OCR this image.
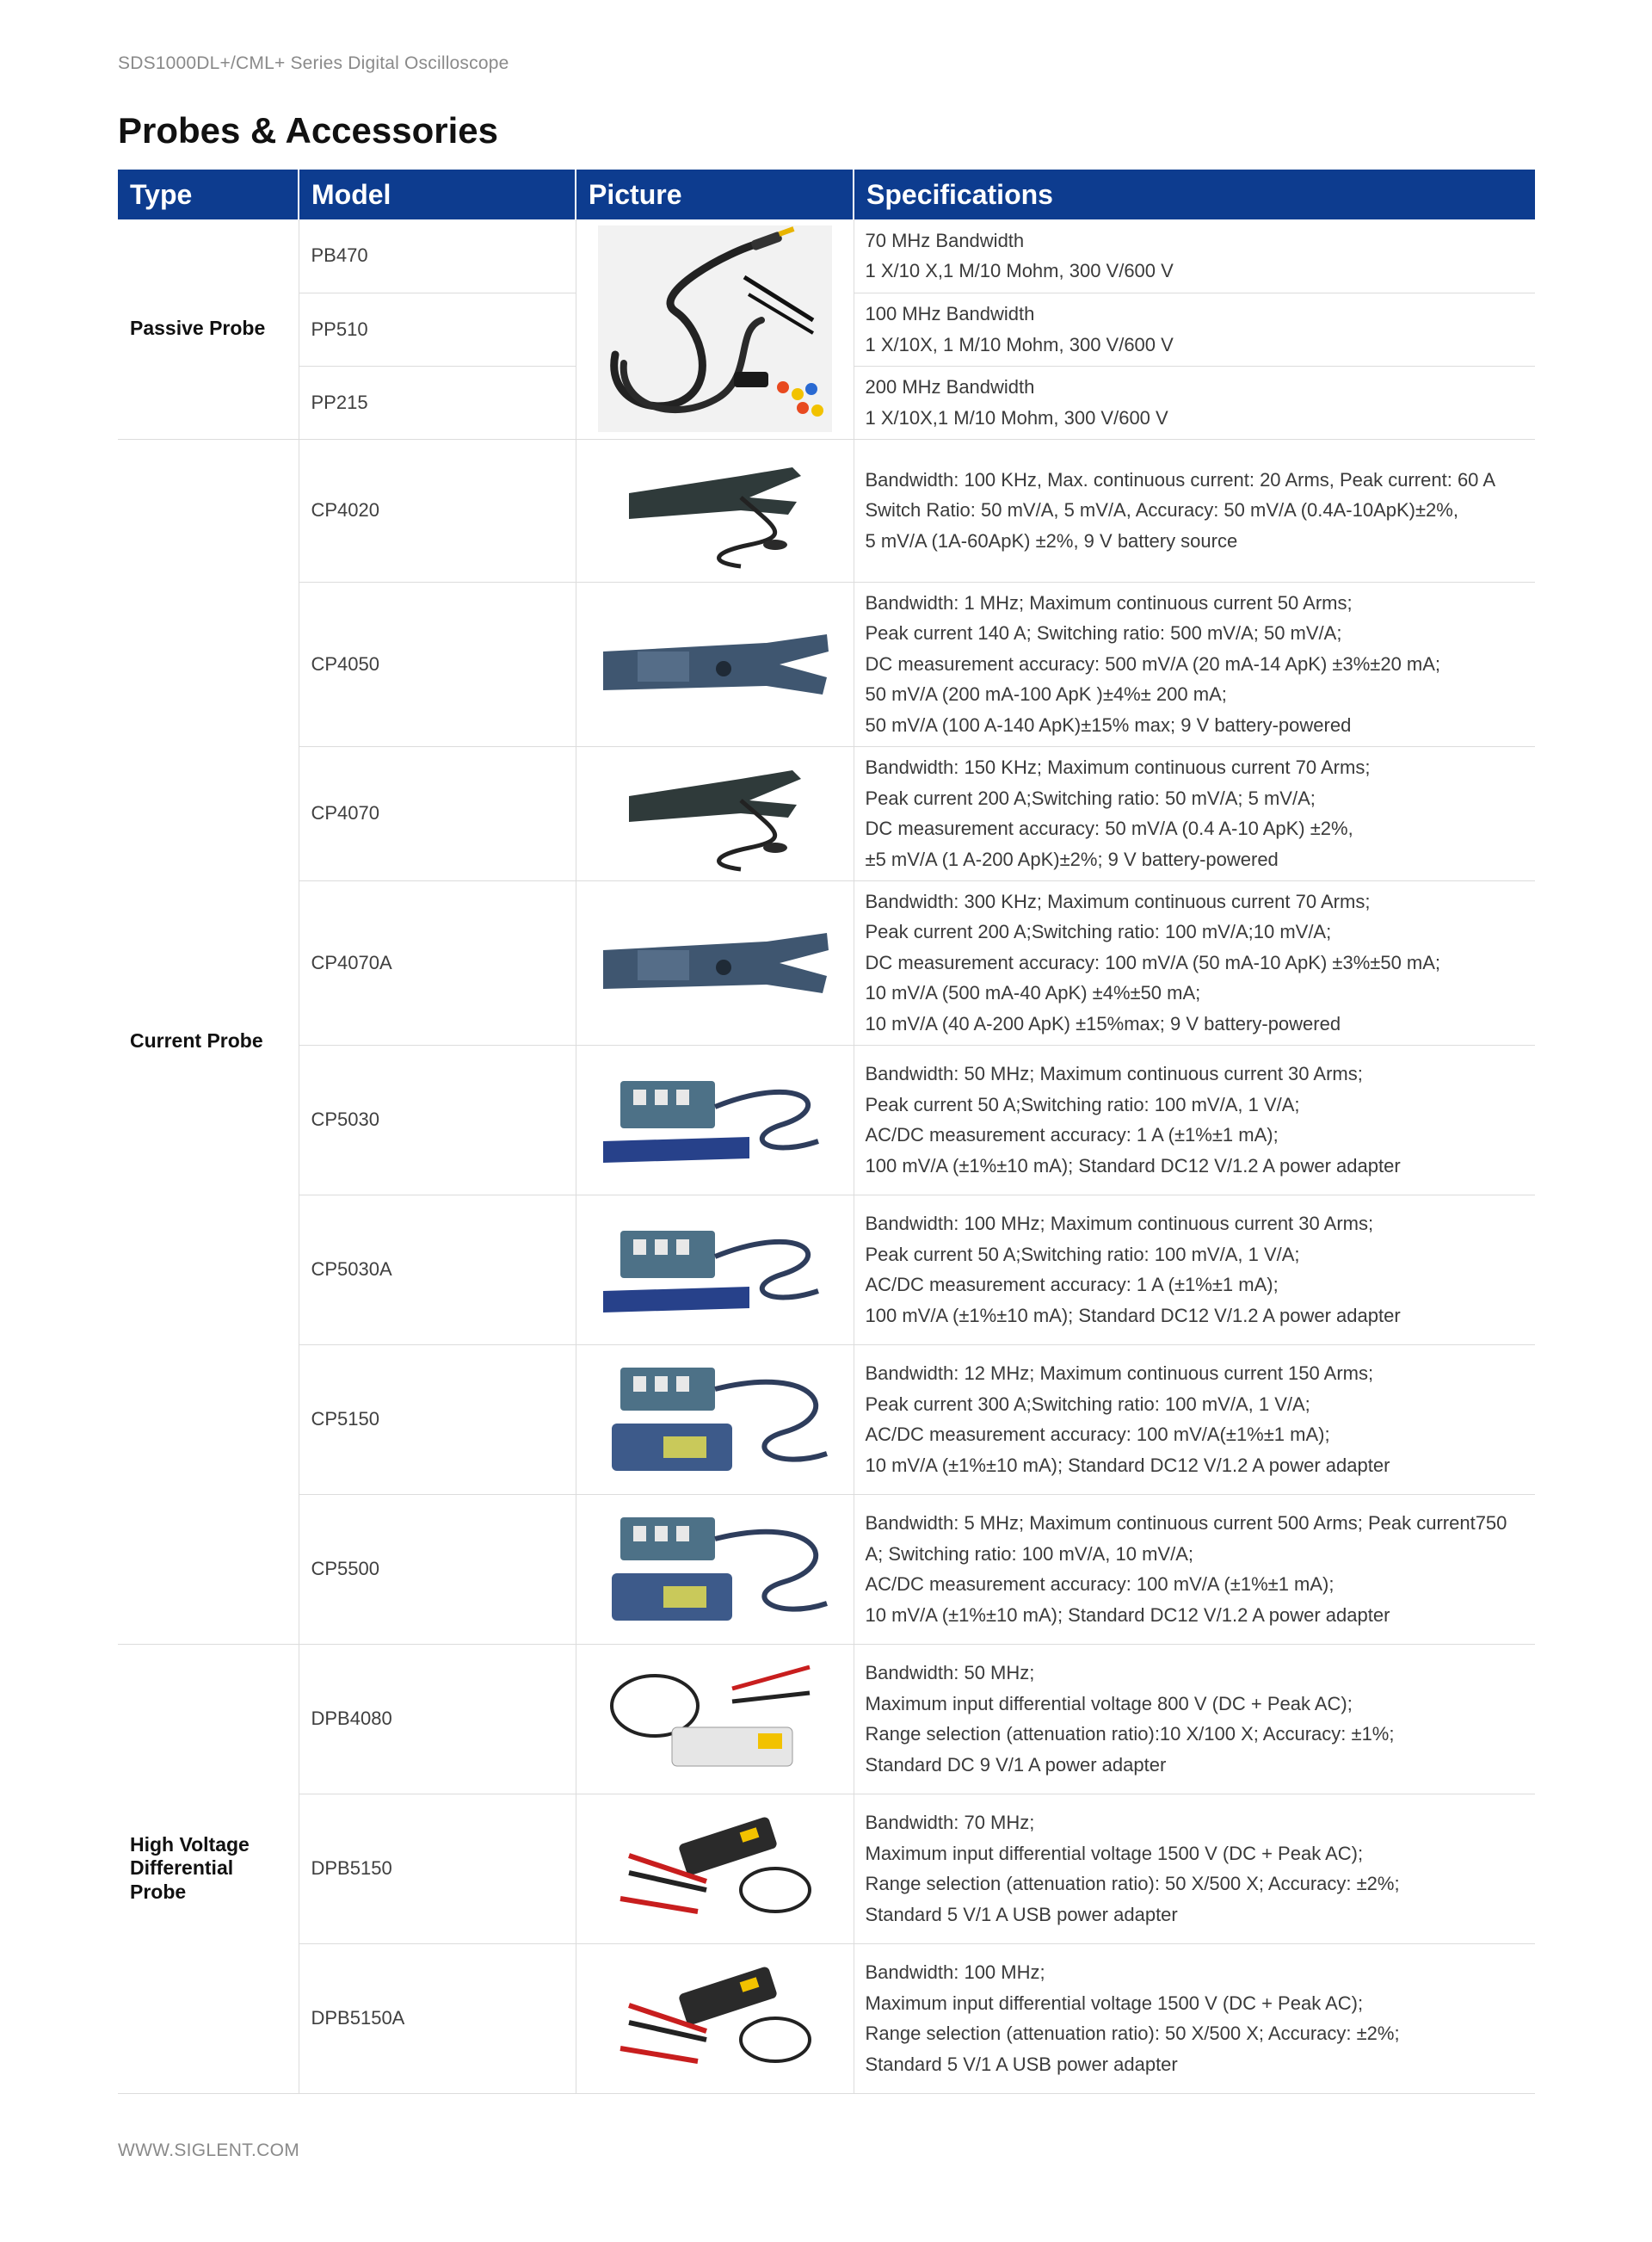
SDS1000DL+/CML+ Series Digital Oscilloscope
Probes & Accessories
Type	Model	Picture	Specifications
Passive Probe	PB470		70 MHz Bandwidth
1 X/10 X,1 M/10 Mohm, 300 V/600 V
	PP510		100 MHz Bandwidth
1 X/10X, 1 M/10 Mohm, 300 V/600 V
	PP215		200 MHz Bandwidth
1 X/10X,1 M/10 Mohm, 300 V/600 V
Current Probe	CP4020		Bandwidth: 100 KHz, Max. continuous current: 20 Arms, Peak current: 60 A
Switch Ratio: 50 mV/A, 5 mV/A, Accuracy: 50 mV/A (0.4A-10ApK)±2%,
5 mV/A (1A-60ApK) ±2%, 9 V battery source
	CP4050		Bandwidth: 1 MHz; Maximum continuous current 50 Arms;
Peak current 140 A; Switching ratio: 500 mV/A; 50 mV/A;
DC measurement accuracy: 500 mV/A (20 mA-14 ApK) ±3%±20 mA;
50 mV/A (200 mA-100 ApK )±4%± 200 mA;
50 mV/A (100 A-140 ApK)±15% max; 9 V battery-powered
	CP4070		Bandwidth: 150 KHz; Maximum continuous current 70 Arms;
Peak current 200 A;Switching ratio: 50 mV/A; 5 mV/A;
DC measurement accuracy: 50 mV/A (0.4 A-10 ApK) ±2%,
±5 mV/A (1 A-200 ApK)±2%; 9 V battery-powered
	CP4070A		Bandwidth: 300 KHz; Maximum continuous current 70 Arms;
Peak current 200 A;Switching ratio: 100 mV/A;10 mV/A;
DC measurement accuracy: 100 mV/A (50 mA-10 ApK) ±3%±50 mA;
10 mV/A (500 mA-40 ApK) ±4%±50 mA;
10 mV/A (40 A-200 ApK) ±15%max; 9 V battery-powered
	CP5030		Bandwidth: 50 MHz; Maximum continuous current 30 Arms;
Peak current 50 A;Switching ratio: 100 mV/A, 1 V/A;
AC/DC measurement accuracy: 1 A (±1%±1 mA);
100 mV/A (±1%±10 mA); Standard DC12 V/1.2 A power adapter
	CP5030A		Bandwidth: 100 MHz; Maximum continuous current 30 Arms;
Peak current 50 A;Switching ratio: 100 mV/A, 1 V/A;
AC/DC measurement accuracy: 1 A (±1%±1 mA);
100 mV/A (±1%±10 mA); Standard DC12 V/1.2 A power adapter
	CP5150		Bandwidth: 12 MHz; Maximum continuous current 150 Arms;
Peak current 300 A;Switching ratio: 100 mV/A, 1 V/A;
AC/DC measurement accuracy: 100 mV/A(±1%±1 mA);
10 mV/A (±1%±10 mA); Standard DC12 V/1.2 A power adapter
	CP5500		Bandwidth: 5 MHz; Maximum continuous current 500 Arms; Peak current750
A; Switching ratio: 100 mV/A, 10 mV/A;
AC/DC measurement accuracy: 100 mV/A (±1%±1 mA);
10 mV/A (±1%±10 mA); Standard DC12 V/1.2 A power adapter
High Voltage Differential Probe	DPB4080		Bandwidth: 50 MHz;
Maximum input differential voltage 800 V (DC + Peak AC);
Range selection (attenuation ratio):10 X/100 X; Accuracy: ±1%;
Standard DC 9 V/1 A power adapter
	DPB5150		Bandwidth: 70 MHz;
Maximum input differential voltage 1500 V (DC + Peak AC);
Range selection (attenuation ratio): 50 X/500 X; Accuracy: ±2%;
Standard 5 V/1 A USB power adapter
	DPB5150A		Bandwidth: 100 MHz;
Maximum input differential voltage 1500 V (DC + Peak AC);
Range selection (attenuation ratio): 50 X/500 X; Accuracy: ±2%;
Standard 5 V/1 A USB power adapter
WWW.SIGLENT.COM
